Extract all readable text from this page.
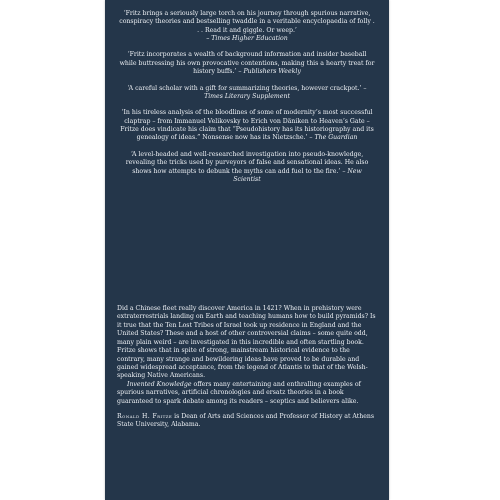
‘Fritz brings a seriously large torch on his journey through spurious narrative, conspiracy theories and bestselling twaddle in a veritable encyclopaedia of folly . . . Read it and giggle. Or weep.’
– Times Higher Education

‘Fritz incorporates a wealth of background information and insider baseball while buttressing his own provocative contentions, making this a hearty treat for history buffs.’ – Publishers Weekly

‘A careful scholar with a gift for summarizing theories, however crackpot.’ – Times Literary Supplement

‘In his tireless analysis of the bloodlines of some of modernity’s most successful claptrap – from Immanuel Velikovsky to Erich von Däniken to Heaven’s Gate – Fritze does vindicate his claim that “Pseudohistory has its historiography and its genealogy of ideas.” Nonsense now has its Nietzsche.’ – The Guardian

‘A level-headed and well-researched investigation into pseudo-knowledge, revealing the tricks used by purveyors of false and sensational ideas. He also shows how attempts to debunk the myths can add fuel to the fire.’ – New Scientist

Did a Chinese fleet really discover America in 1421? When in prehistory were extraterrestrials landing on Earth and teaching humans how to build pyramids? Is it true that the Ten Lost Tribes of Israel took up residence in England and the United States? These and a host of other controversial claims – some quite odd, many plain weird – are investigated in this incredible and often startling book. Fritze shows that in spite of strong, mainstream historical evidence to the contrary, many strange and bewildering ideas have proved to be durable and gained widespread acceptance, from the legend of Atlantis to that of the Welsh-speaking Native Americans.

Invented Knowledge offers many entertaining and enthralling examples of spurious narratives, artificial chronologies and ersatz theories in a book guaranteed to spark debate among its readers – sceptics and believers alike.

Ronald H. Fritze is Dean of Arts and Sciences and Professor of History at Athens State University, Alabama.
